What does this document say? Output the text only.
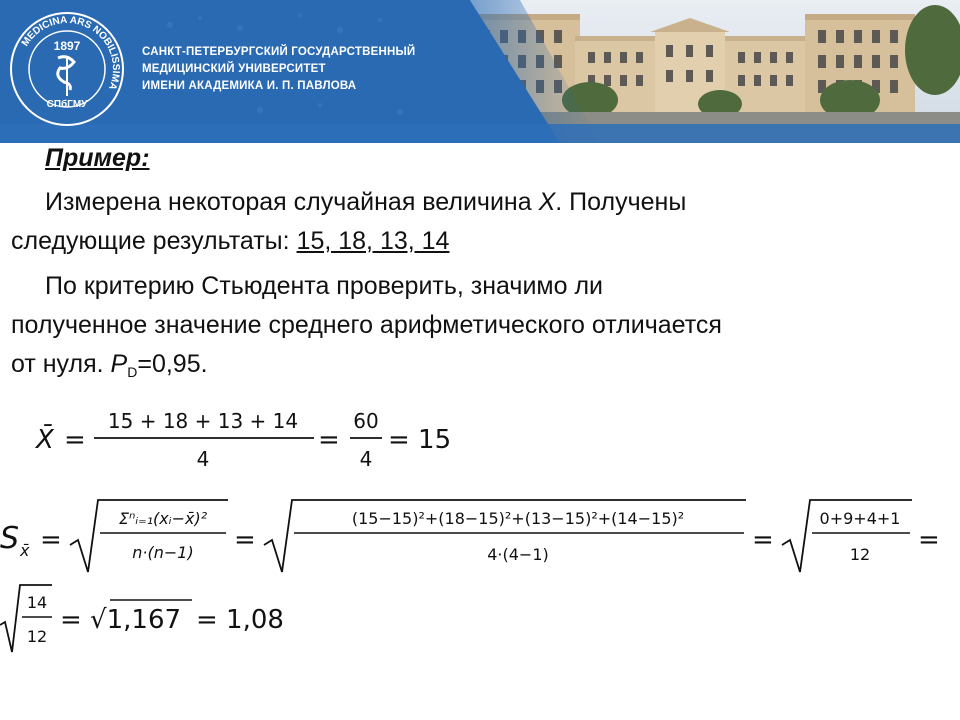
MEDICINA ARS NOBILISSIMA
1897
СПбГМУ
САНКТ-ПЕТЕРБУРГСКИЙ ГОСУДАРСТВЕННЫЙ
МЕДИЦИНСКИЙ УНИВЕРСИТЕТ
ИМЕНИ АКАДЕМИКА И. П. ПАВЛОВА
Пример:
Измерена некоторая случайная величина X. Получены
следующие результаты: 15, 18, 13, 14
По критерию Стьюдента проверить, значимо ли
полученное значение среднего арифметического отличается
от нуля. $P_D=0,95$.
X̄ =
15 + 18 + 13 + 14
4
=
60
4
= 15
S x̄ =
Σⁿᵢ₌₁(xᵢ−x̄)²
n·(n−1) =
(15−15)²+(18−15)²+(13−15)²+(14−15)²
4·(4−1)	=
0+9+4+1
12 =
14
12
= √1,167 = 1,08
